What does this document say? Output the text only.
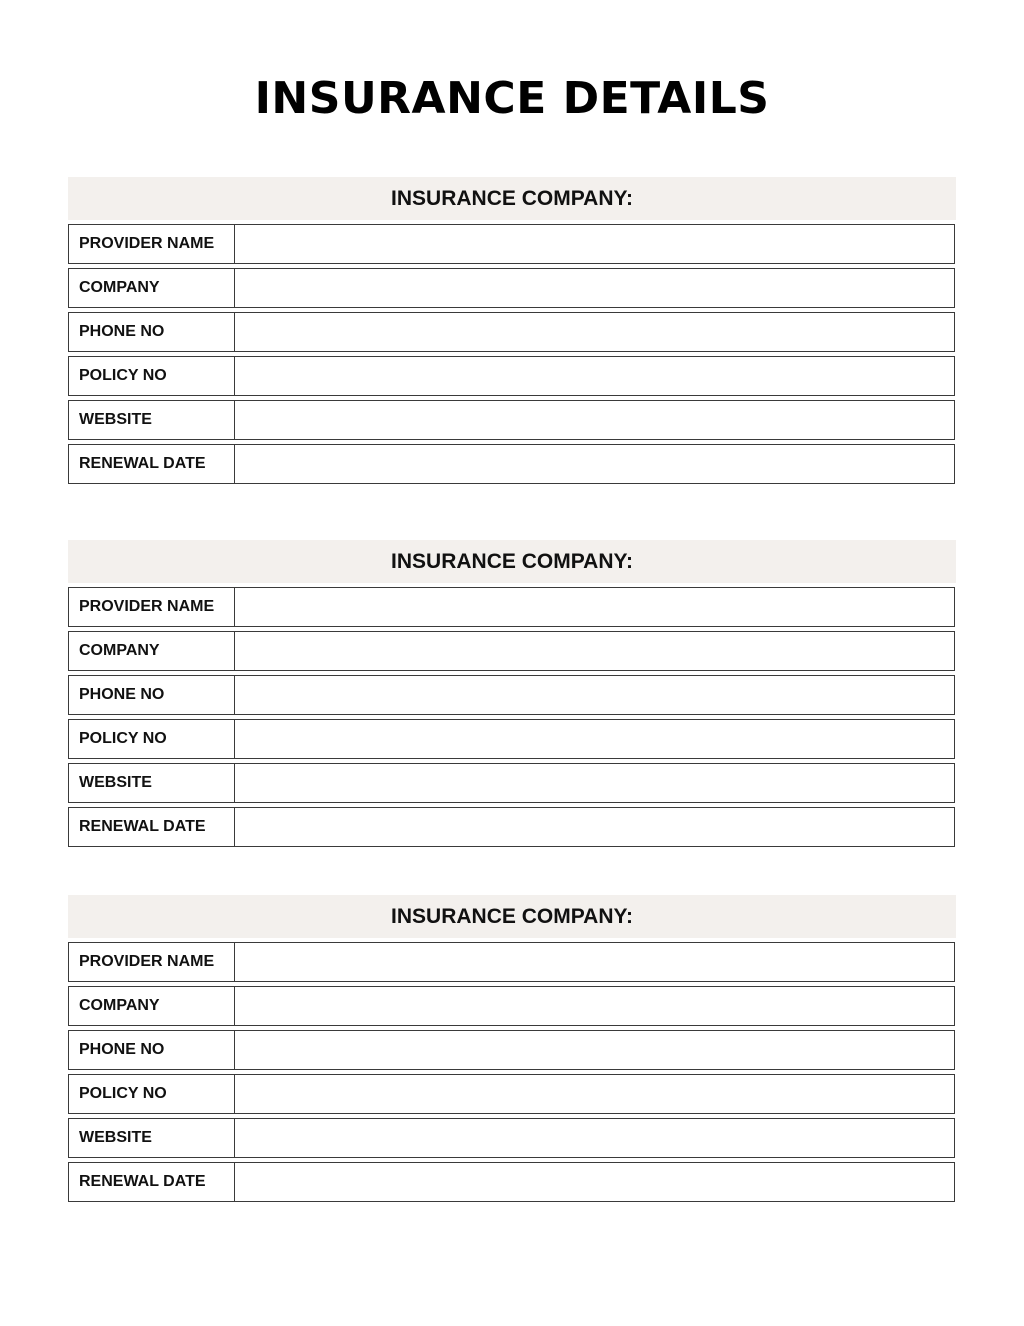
INSURANCE DETAILS
INSURANCE COMPANY:
PROVIDER NAME
COMPANY
PHONE NO
POLICY NO
WEBSITE
RENEWAL DATE
INSURANCE COMPANY:
PROVIDER NAME
COMPANY
PHONE NO
POLICY NO
WEBSITE
RENEWAL DATE
INSURANCE COMPANY:
PROVIDER NAME
COMPANY
PHONE NO
POLICY NO
WEBSITE
RENEWAL DATE
